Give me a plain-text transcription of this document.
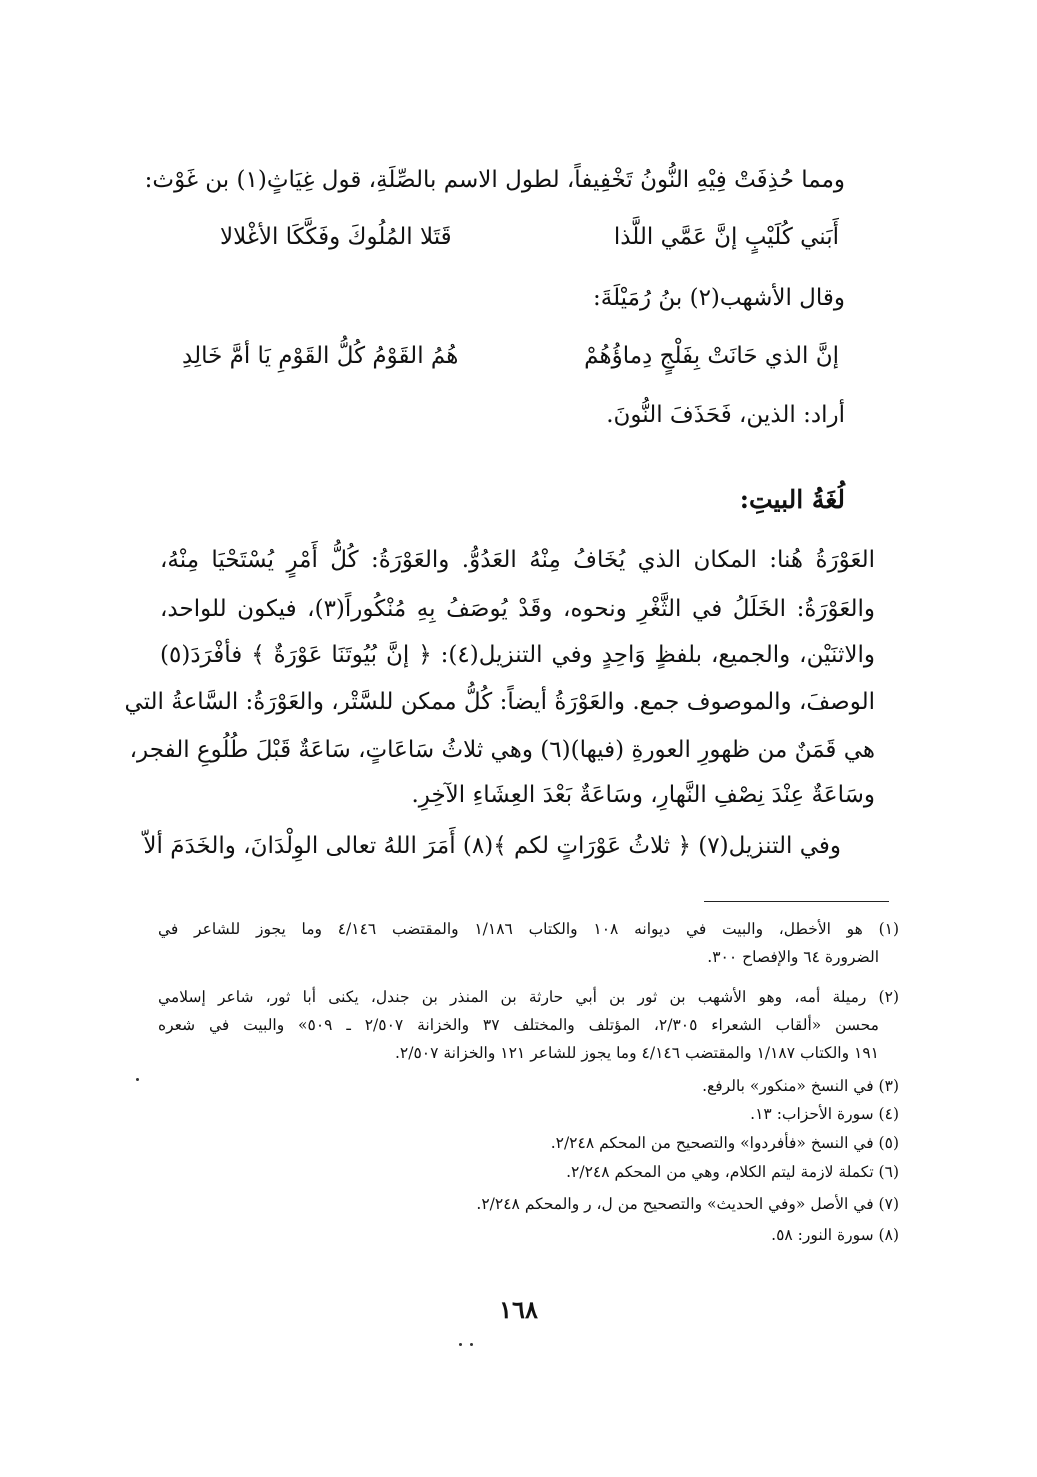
ومما حُذِفَتْ فِيْهِ النُّونُ تَخْفِيفاً، لطول الاسم بالصِّلَةِ، قول غِيَاثٍ(١) بن غَوْث:
أَبَني كُلَيْبٍ إنَّ عَمَّي اللَّذا
قَتَلا المُلُوكَ وفَكَّكَا الأغْلالا
وقال الأشهب(٢) بنُ رُمَيْلَةَ:
إنَّ الذي حَانَتْ بِفَلْجٍ دِماؤُهُمْ
هُمُ القَوْمُ كُلُّ القَوْمِ يَا أمَّ خَالِدِ
أراد: الذين، فَحَذَفَ النُّونَ.
لُغَةُ البيتِ:
العَوْرَةُ هُنا: المكان الذي يُخَافُ مِنْهُ العَدُوُّ. والعَوْرَةُ: كُلُّ أَمْرٍ يُسْتَحْيَا مِنْهُ،
والعَوْرَةُ: الخَلَلُ في الثَّغْرِ ونحوه، وقَدْ يُوصَفُ بِهِ مُنْكُوراً(٣)، فيكون للواحد،
والاثنَيْن، والجميع، بلفظٍ وَاحِدٍ وفي التنزيل(٤): ﴿ إنَّ بُيُوتَنَا عَوْرَةٌ ﴾ فأفْرَدَ(٥)
الوصفَ، والموصوف جمع. والعَوْرَةُ أيضاً: كُلُّ ممكن للسَّتْر، والعَوْرَةُ: السَّاعةُ التي
هي قَمَنٌ من ظهورِ العورةِ (فيها)(٦) وهي ثلاثُ سَاعَاتٍ، سَاعَةٌ قَبْلَ طُلُوعِ الفجر،
وسَاعَةٌ عِنْدَ نِصْفِ النَّهارِ، وسَاعَةٌ بَعْدَ العِشَاءِ الآخِرِ.
وفي التنزيل(٧) ﴿ ثلاثُ عَوْرَاتٍ لكم ﴾(٨) أَمَرَ اللهُ تعالى الوِلْدَانَ، والخَدَمَ ألاّ
(١) هو الأخطل، والبيت في ديوانه ١٠٨ والكتاب ١/١٨٦ والمقتضب ٤/١٤٦ وما يجوز للشاعر في
الضرورة ٦٤ والإفصاح ٣٠٠.
(٢) رميلة أمه، وهو الأشهب بن ثور بن أبي حارثة بن المنذر بن جندل، يكنى أبا ثور، شاعر إسلامي
محسن «ألقاب الشعراء ٢/٣٠٥، المؤتلف والمختلف ٣٧ والخزانة ٢/٥٠٧ ـ ٥٠٩» والبيت في شعره
١٩١ والكتاب ١/١٨٧ والمقتضب ٤/١٤٦ وما يجوز للشاعر ١٢١ والخزانة ٢/٥٠٧.
(٣) في النسخ «منكور» بالرفع.
(٤) سورة الأحزاب: ١٣.
(٥) في النسخ «فأفردوا» والتصحيح من المحكم ٢/٢٤٨.
(٦) تكملة لازمة ليتم الكلام، وهي من المحكم ٢/٢٤٨.
(٧) في الأصل «وفي الحديث» والتصحيح من ل، ر والمحكم ٢/٢٤٨.
(٨) سورة النور: ٥٨.
١٦٨
